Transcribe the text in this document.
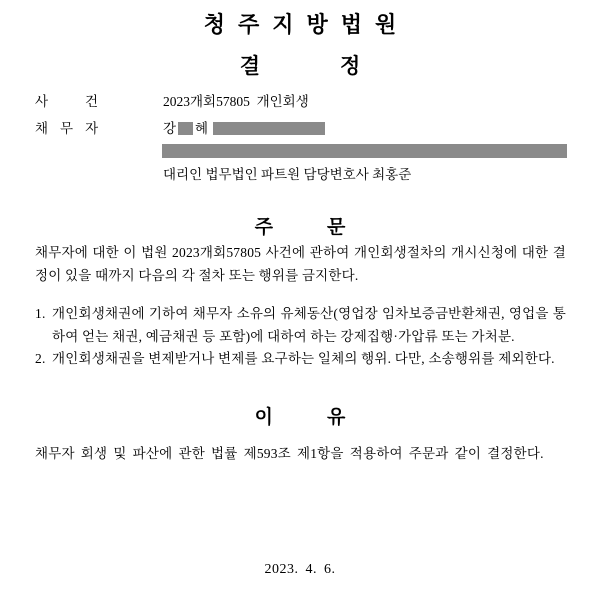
청주지방법원
결정
사건	2023개회57805  개인회생
채무자	강 혜
대리인 법무법인 파트원 담당변호사 최홍준
주문
채무자에 대한 이 법원 2023개회57805 사건에 관하여 개인회생절차의 개시신청에 대한 결정이 있을 때까지 다음의 각 절차 또는 행위를 금지한다.
1. 개인회생채권에 기하여 채무자 소유의 유체동산(영업장 임차보증금반환채권, 영업을 통하여 얻는 채권, 예금채권 등 포함)에 대하여 하는 강제집행·가압류 또는 가처분.
2. 개인회생채권을 변제받거나 변제를 요구하는 일체의 행위. 다만, 소송행위를 제외한다.
이유
채무자 회생 및 파산에 관한 법률 제593조 제1항을 적용하여 주문과 같이 결정한다.
2023. 4. 6.
